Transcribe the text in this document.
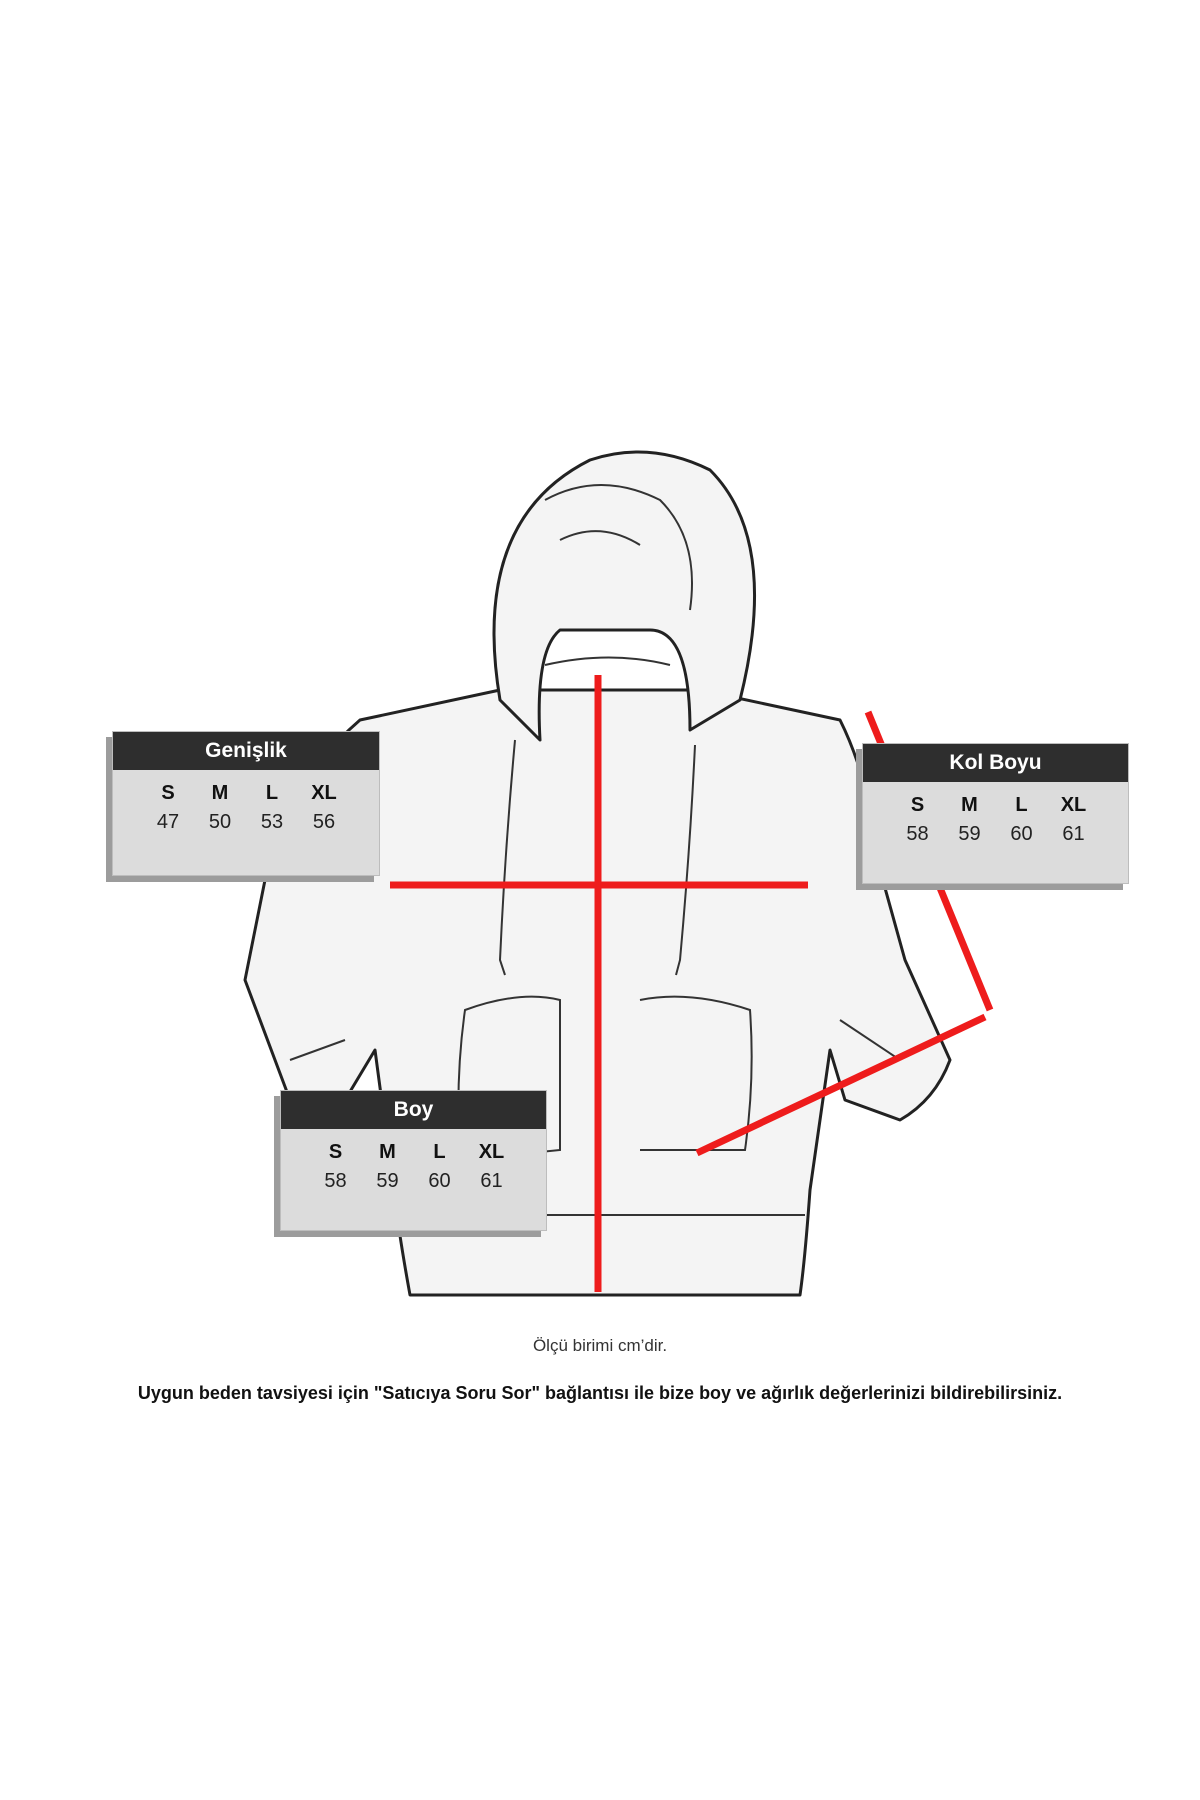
Genişlik
S	M	L	XL
47	50	53	56
Kol Boyu
S	M	L	XL
58	59	60	61
Boy
S	M	L	XL
58	59	60	61
Ölçü birimi cm’dir.
Uygun beden tavsiyesi için "Satıcıya Soru Sor" bağlantısı ile bize boy ve ağırlık değerlerinizi bildirebilirsiniz.
